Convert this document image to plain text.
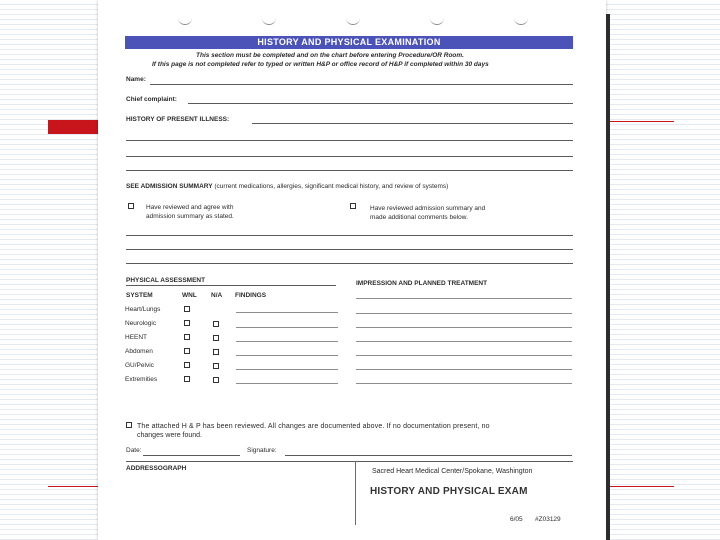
HISTORY AND PHYSICAL EXAMINATION
This section must be completed and on the chart before entering Procedure/OR Room.
If this page is not completed refer to typed or written H&P or office record of H&P if completed within 30 days
Name:
Chief complaint:
HISTORY OF PRESENT ILLNESS:
SEE ADMISSION SUMMARY (current medications, allergies, significant medical history, and review of systems)
Have reviewed and agree with
admission summary as stated.
Have reviewed admission summary and
made additional comments below.
PHYSICAL ASSESSMENT	IMPRESSION AND PLANNED TREATMENT
SYSTEM	WNL N/A FINDINGS
Heart/Lungs
Neurologic
HEENT
Abdomen
GU/Pelvic
Extremities
The attached H & P has been reviewed. All changes are documented above. If no documentation present, no
changes were found.
Date:	Signature:
ADDRESSOGRAPH	Sacred Heart Medical Center/Spokane, Washington
HISTORY AND PHYSICAL EXAM
6/05 #Z03129
